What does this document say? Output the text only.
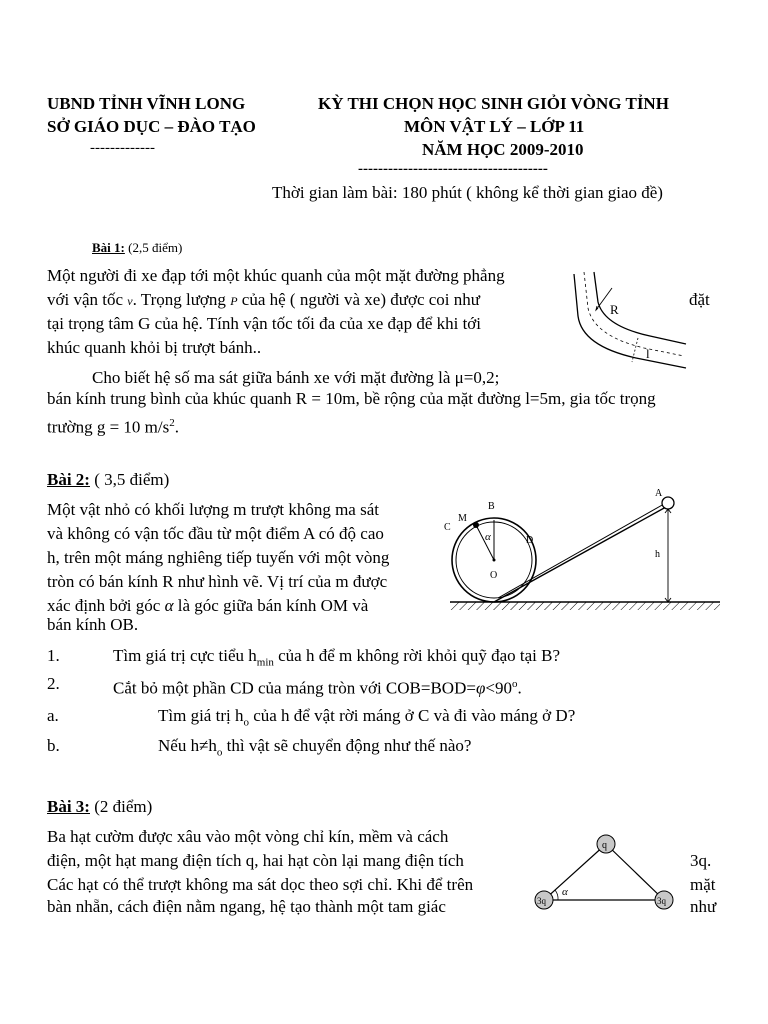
UBND TỈNH VĨNH LONG
SỞ GIÁO DỤC – ĐÀO TẠO
-------------
KỲ THI CHỌN HỌC SINH GIỎI VÒNG TỈNH
MÔN VẬT LÝ – LỚP 11
NĂM HỌC 2009-2010
--------------------------------------
Thời gian làm bài: 180 phút ( không kể thời gian giao đề)
Bài 1: (2,5 điểm)
Một người đi xe đạp tới một khúc quanh của một mặt đường phẳng
với vận tốc v. Trọng lượng P của hệ ( người và xe) được coi như	đặt
tại trọng tâm G của hệ. Tính vận tốc tối đa của xe đạp để khi tới
khúc quanh khỏi bị trượt bánh..
Cho biết hệ số ma sát giữa bánh xe với mặt đường là μ=0,2;
bán kính trung bình của khúc quanh R = 10m, bề rộng của mặt đường l=5m, gia tốc trọng
trường g = 10 $m/s^2$.
R
l
Bài 2: ( 3,5 điểm)
Một vật nhỏ có khối lượng m trượt không ma sát
và không có vận tốc đầu từ một điểm A có độ cao
h, trên một máng nghiêng tiếp tuyến với một vòng
tròn có bán kính R như hình vẽ. Vị trí của m được
xác định bởi góc α là góc giữa bán kính OM và
bán kính OB.
1.	Tìm giá trị cực tiểu $h_{min}$ của h để m không rời khỏi quỹ đạo tại B?
2.	Cắt bỏ một phần CD của máng tròn với $COB=BOD=\varphi<90^o$.
a.	Tìm giá trị $h_o$ của h để vật rời máng ở C và đi vào máng ở D?
b.	Nếu $h\ne h_o$ thì vật sẽ chuyển động như thế nào?
A
B
C
D
M
O
h
α
Bài 3: (2 điểm)
Ba hạt cườm được xâu vào một vòng chỉ kín, mềm và cách
điện, một hạt mang điện tích q, hai hạt còn lại mang điện tích	3q.
Các hạt có thể trượt không ma sát dọc theo sợi chỉ. Khi để trên	mặt
bàn nhẵn, cách điện nằm ngang, hệ tạo thành một tam giác	như
q
3q	3q
α
